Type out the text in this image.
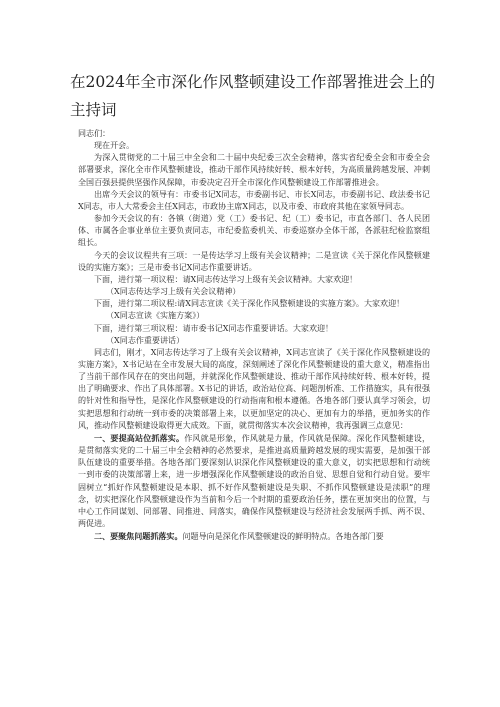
在2024年全市深化作风整顿建设工作部署推进会上的主持词

同志们：

现在开会。

为深入贯彻党的二十届三中全会和二十届中央纪委三次全会精神，落实省纪委全会和市委全会部署要求，深化全市作风整顿建设，推动干部作风持续好转、根本好转，为高质量跨越发展、冲刺全国百强县提供坚强作风保障，市委决定召开全市深化作风整顿建设工作部署推进会。

出席今天会议的领导有：市委书记X同志，市委副书记、市长X同志，市委副书记、政法委书记X同志，市人大常委会主任X同志，市政协主席X同志，以及市委、市政府其他在家领导同志。

参加今天会议的有：各镇（街道）党（工）委书记、纪（工）委书记，市直各部门、各人民团体、市属各企事业单位主要负责同志，市纪委监委机关、市委巡察办全体干部，各派驻纪检监察组组长。

今天的会议议程共有三项：一是传达学习上级有关会议精神；二是宣读《关于深化作风整顿建设的实施方案》；三是市委书记X同志作重要讲话。

下面，进行第一项议程：请X同志传达学习上级有关会议精神。大家欢迎！

（X同志传达学习上级有关会议精神）

下面，进行第二项议程:请X同志宣读《关于深化作风整顿建设的实施方案》。大家欢迎！

（X同志宣读《实施方案》）

下面，进行第三项议程：请市委书记X同志作重要讲话。大家欢迎！

（X同志作重要讲话）

同志们，刚才，X同志传达学习了上级有关会议精神，X同志宣读了《关于深化作风整顿建设的实施方案》，X书记站在全市发展大局的高度，深刻阐述了深化作风整顿建设的重大意义，精准指出了当前干部作风存在的突出问题，并就深化作风整顿建设、推动干部作风持续好转、根本好转，提出了明确要求、作出了具体部署。X书记的讲话，政治站位高、问题剖析准、工作措施实，具有很强的针对性和指导性，是深化作风整顿建设的行动指南和根本遵循。各地各部门要认真学习领会，切实把思想和行动统一到市委的决策部署上来，以更加坚定的决心、更加有力的举措，更加务实的作风，推动作风整顿建设取得更大成效。下面，就贯彻落实本次会议精神，我再强调三点意见：

一、要提高站位抓落实。作风就是形象，作风就是力量，作风就是保障。深化作风整顿建设，是贯彻落实党的二十届三中全会精神的必然要求，是推进高质量跨越发展的现实需要，是加强干部队伍建设的重要举措。各地各部门要深刻认识深化作风整顿建设的重大意义，切实把思想和行动统一到市委的决策部署上来，进一步增强深化作风整顿建设的政治自觉、思想自觉和行动自觉。要牢固树立“抓好作风整顿建设是本职、抓不好作风整顿建设是失职、不抓作风整顿建设是渎职”的理念，切实把深化作风整顿建设作为当前和今后一个时期的重要政治任务，摆在更加突出的位置，与中心工作同谋划、同部署、同推进、同落实，确保作风整顿建设与经济社会发展两手抓、两不误、两促进。

二、要聚焦问题抓落实。问题导向是深化作风整顿建设的鲜明特点。各地各部门要
